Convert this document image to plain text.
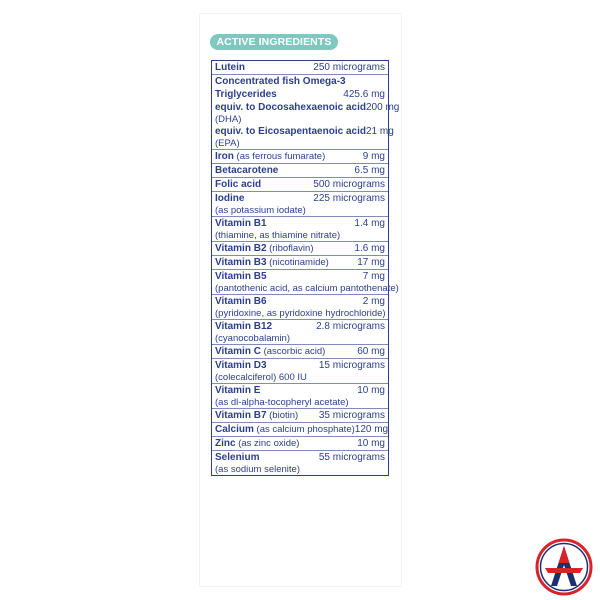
ACTIVE INGREDIENTS
Lutein	250 micrograms
Concentrated fish Omega-3
Triglycerides	425.6 mg
equiv. to Docosahexaenoic acid 200 mg
(DHA)
equiv. to Eicosapentaenoic acid 21 mg
(EPA)
Iron (as ferrous fumarate)	9 mg
Betacarotene	6.5 mg
Folic acid	500 micrograms
Iodine	225 micrograms
(as potassium iodate)
Vitamin B1	1.4 mg
(thiamine, as thiamine nitrate)
Vitamin B2 (riboflavin)	1.6 mg
Vitamin B3 (nicotinamide)	17 mg
Vitamin B5	7 mg
(pantothenic acid, as calcium pantothenate)
Vitamin B6	2 mg
(pyridoxine, as pyridoxine hydrochloride)
Vitamin B12	2.8 micrograms
(cyanocobalamin)
Vitamin C (ascorbic acid)	60 mg
Vitamin D3	15 micrograms
(colecalciferol) 600 IU
Vitamin E	10 mg
(as dl-alpha-tocopheryl acetate)
Vitamin B7 (biotin) 35 micrograms
Calcium (as calcium phosphate) 120 mg
Zinc (as zinc oxide)	10 mg
Selenium	55 micrograms
(as sodium selenite)
